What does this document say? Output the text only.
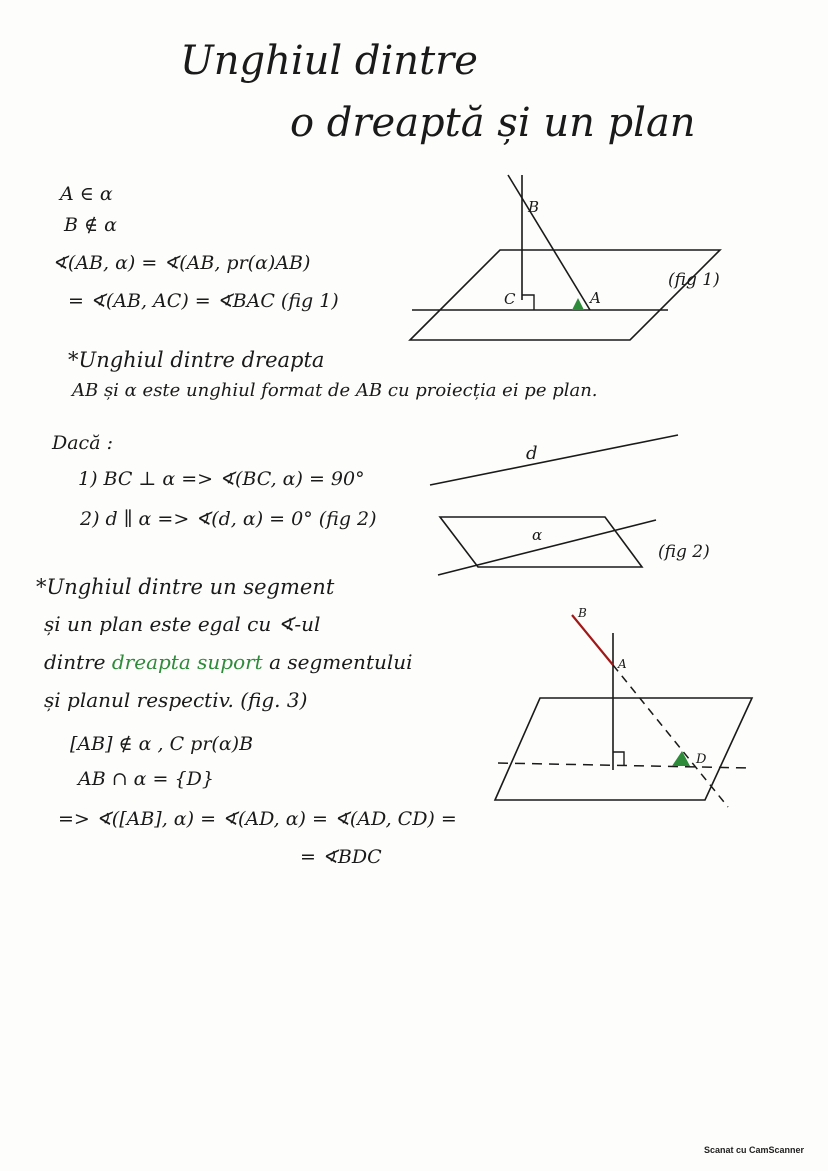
Unghiul dintre
o dreaptă și un plan
A ∈ α
B ∉ α
∢(AB, α) = ∢(AB, pr(α)AB)
= ∢(AB, AC) = ∢BAC (fig 1)
B
C	A
(fig 1)
*Unghiul dintre dreapta
AB și α este unghiul format de AB cu proiecția ei pe plan.
Dacă :
1) BC ⊥ α => ∢(BC, α) = 90°
2) d ∥ α => ∢(d, α) = 0° (fig 2)
d
α
(fig 2)
*Unghiul dintre un segment
și un plan este egal cu ∢-ul
dintre dreapta suport a segmentului
și planul respectiv. (fig. 3)
[AB] ∉ α , C pr(α)B
AB ∩ α = {D}
=> ∢([AB], α) = ∢(AD, α) = ∢(AD, CD) =
= ∢BDC
B
A
D
Scanat cu CamScanner
